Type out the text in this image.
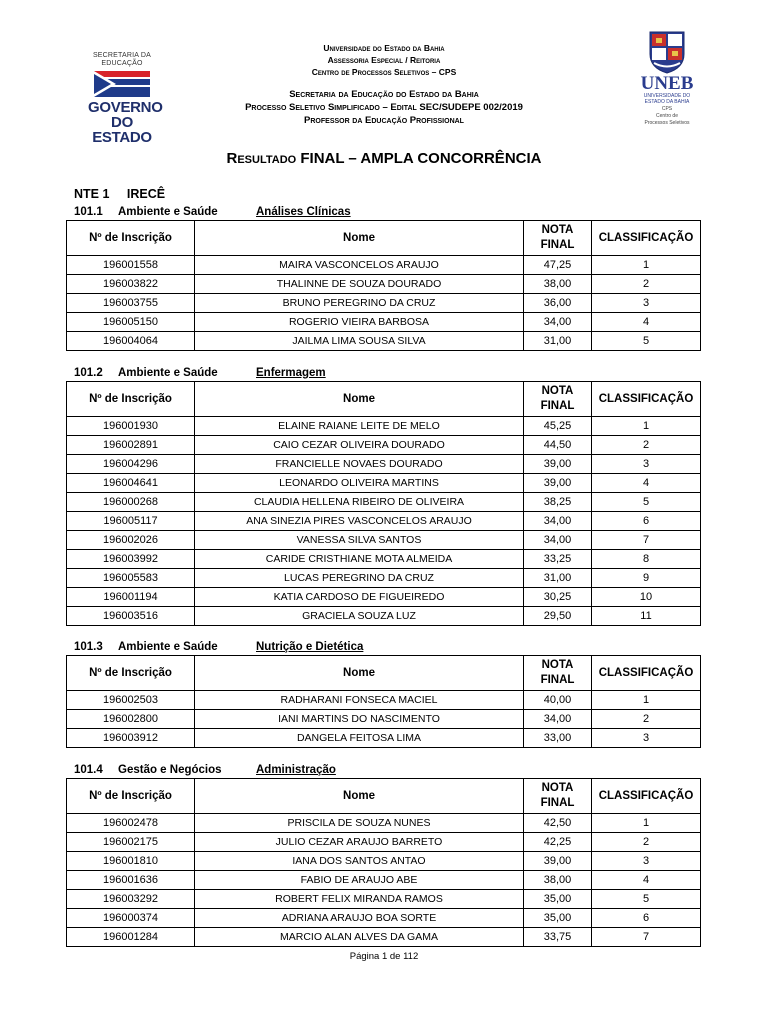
SECRETARIA DA EDUCAÇÃO
GOVERNO
DO ESTADO
Universidade do Estado da Bahia
Assessoria Especial / Reitoria
Centro de Processos Seletivos – CPS
Secretaria da Educação do Estado da Bahia
Processo Seletivo Simplificado – Edital SEC/SUDEPE 002/2019
Professor da Educação Profissional
UNEB
UNIVERSIDADE DO
ESTADO DA BAHIA
CPS
Centro de
Processos Seletivos
Resultado FINAL – AMPLA CONCORRÊNCIA
NTE 1 IRECÊ
101.1 Ambiente e Saúde	Análises Clínicas
Nº de Inscrição	Nome	NOTA
FINAL	CLASSIFICAÇÃO
196001558	MAIRA VASCONCELOS ARAUJO	47,25	1
196003822	THALINNE DE SOUZA DOURADO	38,00	2
196003755	BRUNO PEREGRINO DA CRUZ	36,00	3
196005150	ROGERIO VIEIRA BARBOSA	34,00	4
196004064	JAILMA LIMA SOUSA SILVA	31,00	5
101.2 Ambiente e Saúde	Enfermagem
Nº de Inscrição	Nome	NOTA
FINAL	CLASSIFICAÇÃO
196001930	ELAINE RAIANE LEITE DE MELO	45,25	1
196002891	CAIO CEZAR OLIVEIRA DOURADO	44,50	2
196004296	FRANCIELLE NOVAES DOURADO	39,00	3
196004641	LEONARDO OLIVEIRA MARTINS	39,00	4
196000268	CLAUDIA HELLENA RIBEIRO DE OLIVEIRA	38,25	5
196005117	ANA SINEZIA PIRES VASCONCELOS ARAUJO	34,00	6
196002026	VANESSA SILVA SANTOS	34,00	7
196003992	CARIDE CRISTHIANE MOTA ALMEIDA	33,25	8
196005583	LUCAS PEREGRINO DA CRUZ	31,00	9
196001194	KATIA CARDOSO DE FIGUEIREDO	30,25	10
196003516	GRACIELA SOUZA LUZ	29,50	11
101.3 Ambiente e Saúde	Nutrição e Dietética
Nº de Inscrição	Nome	NOTA
FINAL	CLASSIFICAÇÃO
196002503	RADHARANI FONSECA MACIEL	40,00	1
196002800	IANI MARTINS DO NASCIMENTO	34,00	2
196003912	DANGELA FEITOSA LIMA	33,00	3
101.4 Gestão e Negócios	Administração
Nº de Inscrição	Nome	NOTA
FINAL	CLASSIFICAÇÃO
196002478	PRISCILA DE SOUZA NUNES	42,50	1
196002175	JULIO CEZAR ARAUJO BARRETO	42,25	2
196001810	IANA DOS SANTOS ANTAO	39,00	3
196001636	FABIO DE ARAUJO ABE	38,00	4
196003292	ROBERT FELIX MIRANDA RAMOS	35,00	5
196000374	ADRIANA ARAUJO BOA SORTE	35,00	6
196001284	MARCIO ALAN ALVES DA GAMA	33,75	7
Página 1 de 112
